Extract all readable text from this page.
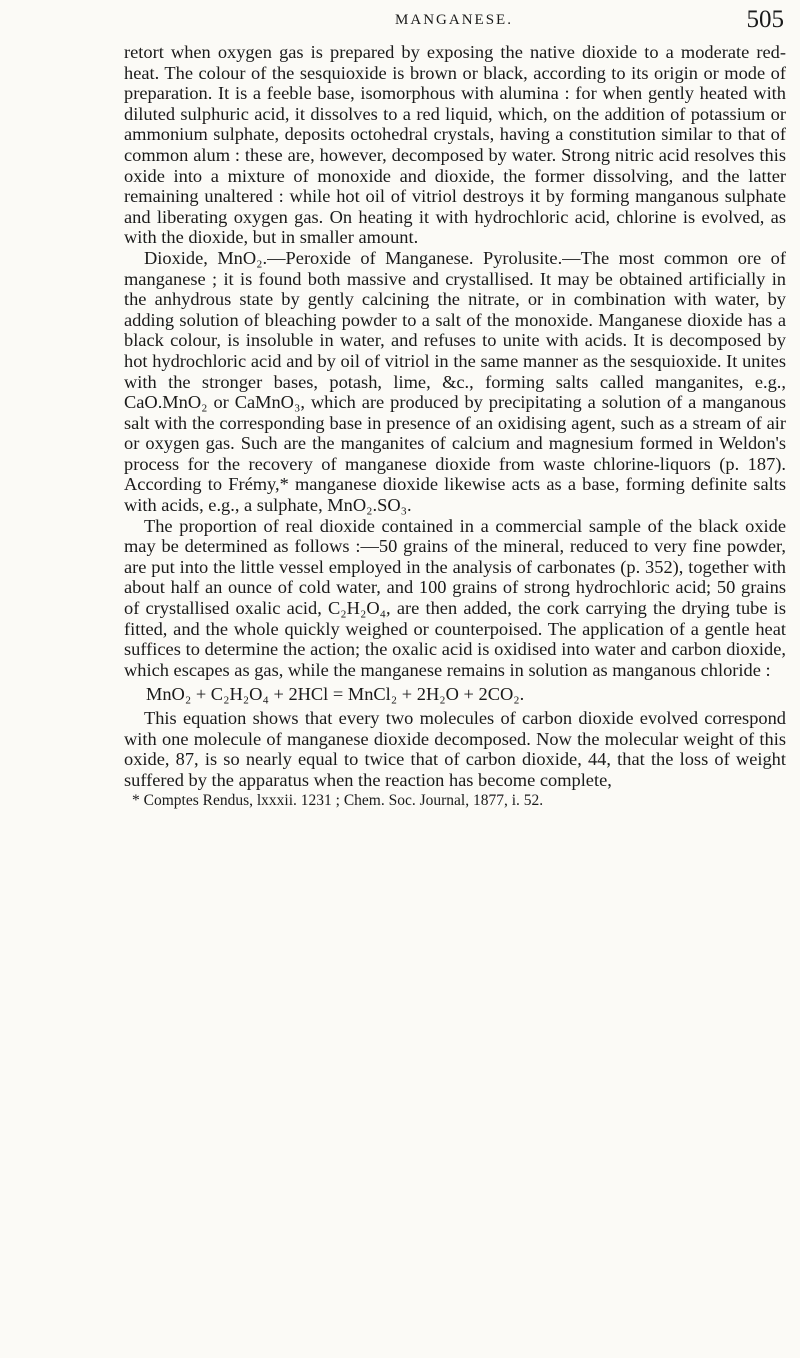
MANGANESE.	505

retort when oxygen gas is prepared by exposing the native dioxide to a moderate red-heat. The colour of the sesquioxide is brown or black, according to its origin or mode of preparation. It is a feeble base, isomorphous with alumina : for when gently heated with diluted sulphuric acid, it dissolves to a red liquid, which, on the addition of potassium or ammonium sulphate, deposits octohedral crystals, having a constitution similar to that of common alum : these are, however, decomposed by water. Strong nitric acid resolves this oxide into a mixture of monoxide and dioxide, the former dissolving, and the latter remaining unaltered : while hot oil of vitriol destroys it by forming manganous sulphate and liberating oxygen gas. On heating it with hydrochloric acid, chlorine is evolved, as with the dioxide, but in smaller amount.

Dioxide, MnO₂.—Peroxide of Manganese. Pyrolusite.—The most common ore of manganese ; it is found both massive and crystallised. It may be obtained artificially in the anhydrous state by gently calcining the nitrate, or in combination with water, by adding solution of bleaching powder to a salt of the monoxide. Manganese dioxide has a black colour, is insoluble in water, and refuses to unite with acids. It is decomposed by hot hydrochloric acid and by oil of vitriol in the same manner as the sesquioxide. It unites with the stronger bases, potash, lime, &c., forming salts called manganites, e.g., CaO.MnO₂ or CaMnO₃, which are produced by precipitating a solution of a manganous salt with the corresponding base in presence of an oxidising agent, such as a stream of air or oxygen gas. Such are the manganites of calcium and magnesium formed in Weldon's process for the recovery of manganese dioxide from waste chlorine-liquors (p. 187). According to Frémy,* manganese dioxide likewise acts as a base, forming definite salts with acids, e.g., a sulphate, MnO₂.SO₃.

The proportion of real dioxide contained in a commercial sample of the black oxide may be determined as follows :—50 grains of the mineral, reduced to very fine powder, are put into the little vessel employed in the analysis of carbonates (p. 352), together with about half an ounce of cold water, and 100 grains of strong hydrochloric acid; 50 grains of crystallised oxalic acid, C₂H₂O₄, are then added, the cork carrying the drying tube is fitted, and the whole quickly weighed or counterpoised. The application of a gentle heat suffices to determine the action; the oxalic acid is oxidised into water and carbon dioxide, which escapes as gas, while the manganese remains in solution as manganous chloride :

MnO₂ + C₂H₂O₄ + 2HCl = MnCl₂ + 2H₂O + 2CO₂.

This equation shows that every two molecules of carbon dioxide evolved correspond with one molecule of manganese dioxide decomposed. Now the molecular weight of this oxide, 87, is so nearly equal to twice that of carbon dioxide, 44, that the loss of weight suffered by the apparatus when the reaction has become complete,

* Comptes Rendus, lxxxii. 1231 ; Chem. Soc. Journal, 1877, i. 52.
